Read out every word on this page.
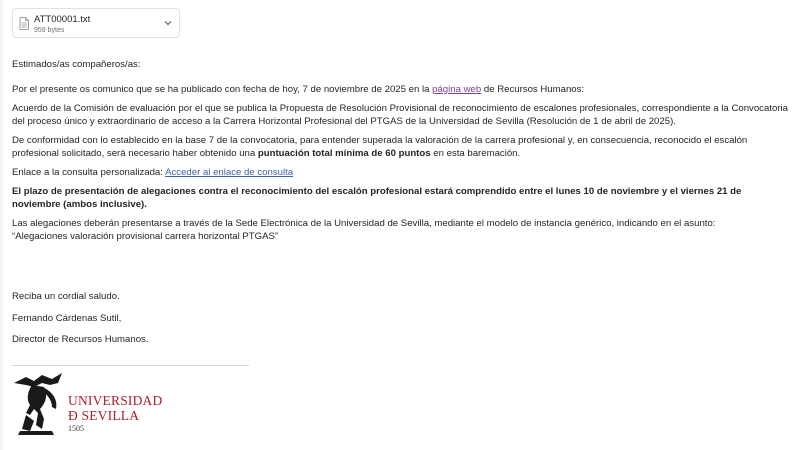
ATT00001.txt
959 bytes

Estimados/as compañeros/as:

Por el presente os comunico que se ha publicado con fecha de hoy, 7 de noviembre de 2025 en la página web de Recursos Humanos:

Acuerdo de la Comisión de evaluación por el que se publica la Propuesta de Resolución Provisional de reconocimiento de escalones profesionales, correspondiente a la Convocatoria del proceso único y extraordinario de acceso a la Carrera Horizontal Profesional del PTGAS de la Universidad de Sevilla (Resolución de 1 de abril de 2025).

De conformidad con lo establecido en la base 7 de la convocatoria, para entender superada la valoración de la carrera profesional y, en consecuencia, reconocido el escalón profesional solicitado, será necesario haber obtenido una puntuación total mínima de 60 puntos en esta baremación.

Enlace a la consulta personalizada: Acceder al enlace de consulta

El plazo de presentación de alegaciones contra el reconocimiento del escalón profesional estará comprendido entre el lunes 10 de noviembre y el viernes 21 de noviembre (ambos inclusive).

Las alegaciones deberán presentarse a través de la Sede Electrónica de la Universidad de Sevilla, mediante el modelo de instancia genérico, indicando en el asunto:
“Alegaciones valoración provisional carrera horizontal PTGAS”

Reciba un cordial saludo.
Fernando Cárdenas Sutil,
Director de Recursos Humanos.
UNIVERSIDAD
Ð SEVILLA
1505
